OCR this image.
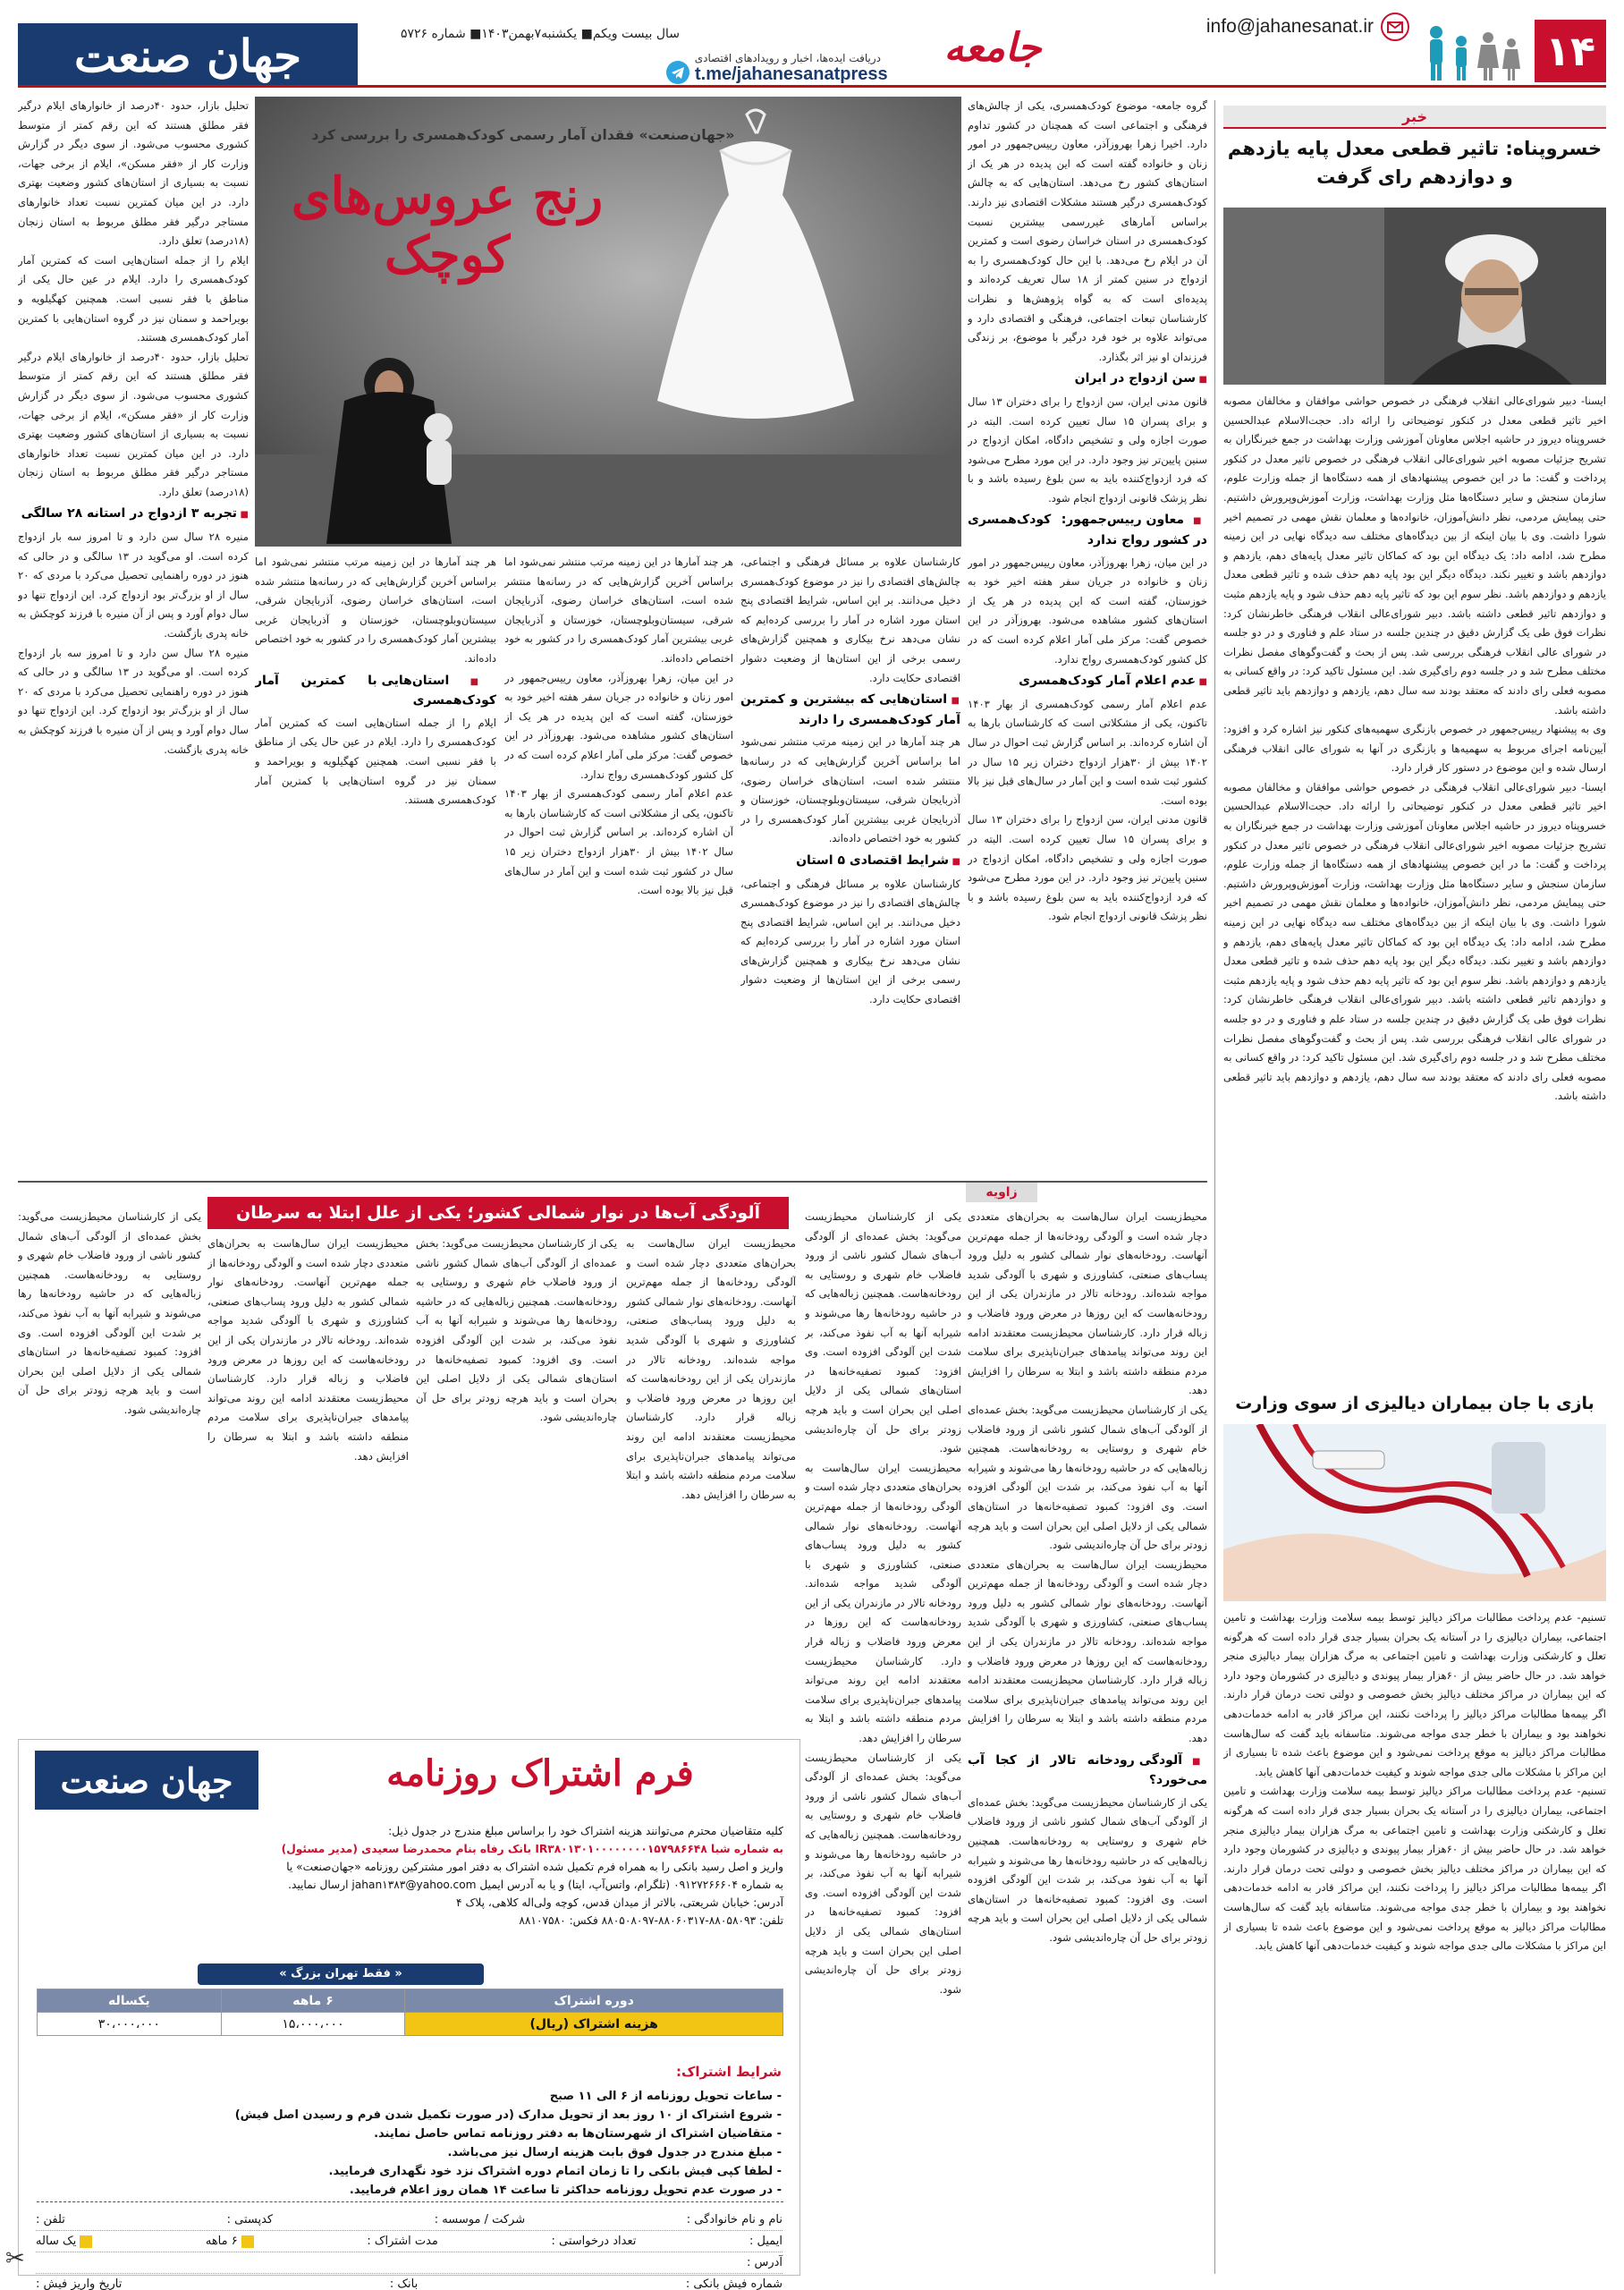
۱۴
info@jahanesanat.ir
جامعه
دریافت ایده‌ها، اخبار و رویدادهای اقتصادی
t.me/jahanesanatpress
سال بیست ویکم■ یکشنبه۷بهمن۱۴۰۳■ شماره ۵۷۲۶
جهان صنعت
خبر
خسروپناه: تاثیر قطعی معدل پایه یازدهم و دوازدهم رای گرفت

ایسنا- دبیر شورای‌عالی انقلاب فرهنگی در خصوص حواشی موافقان و مخالفان مصوبه اخیر تاثیر قطعی معدل در کنکور توضیحاتی را ارائه داد. حجت‌الاسلام عبدالحسین خسروپناه دیروز در حاشیه اجلاس معاونان آموزشی وزارت بهداشت در جمع خبرنگاران به تشریح جزئیات مصوبه اخیر شورای‌عالی انقلاب فرهنگی در خصوص تاثیر معدل در کنکور پرداخت و گفت: ما در این خصوص پیشنهادهای از همه دستگاه‌ها از جمله وزارت علوم، سازمان سنجش و سایر دستگاه‌ها مثل وزارت بهداشت، وزارت آموزش‌وپرورش داشتیم. حتی پیمایش مردمی، نظر دانش‌آموزان، خانواده‌ها و معلمان نقش مهمی در تصمیم اخیر شورا داشت. وی با بیان اینکه از بین دیدگاه‌های مختلف سه دیدگاه نهایی در این زمینه مطرح شد، ادامه داد: یک دیدگاه این بود که کماکان تاثیر معدل پایه‌های دهم، یازدهم و دوازدهم باشد و تغییر نکند. دیدگاه دیگر این بود پایه دهم حذف شده و تاثیر قطعی معدل یازدهم و دوازدهم باشد. نظر سوم این بود که تاثیر پایه دهم حذف شود و پایه یازدهم مثبت و دوازدهم تاثیر قطعی داشته باشد. دبیر شورای‌عالی انقلاب فرهنگی خاطرنشان کرد: نظرات فوق طی یک گزارش دقیق در چندین جلسه در ستاد علم و فناوری و در دو جلسه در شورای عالی انقلاب فرهنگی بررسی شد. پس از بحث و گفت‌وگوهای مفصل نظرات مختلف مطرح شد و در جلسه دوم رای‌گیری شد. این مسئول تاکید کرد: در واقع کسانی به مصوبه فعلی رای دادند که معتقد بودند سه سال دهم، یازدهم و دوازدهم باید تاثیر قطعی داشته باشد.

وی به پیشنهاد رییس‌جمهور در خصوص بازنگری سهمیه‌های کنکور نیز اشاره کرد و افزود: آیین‌نامه اجرای مربوط به سهمیه‌ها و بازنگری در آنها به شورای عالی انقلاب فرهنگی ارسال شده و این موضوع در دستور کار قرار دارد.

ایسنا- دبیر شورای‌عالی انقلاب فرهنگی در خصوص حواشی موافقان و مخالفان مصوبه اخیر تاثیر قطعی معدل در کنکور توضیحاتی را ارائه داد. حجت‌الاسلام عبدالحسین خسروپناه دیروز در حاشیه اجلاس معاونان آموزشی وزارت بهداشت در جمع خبرنگاران به تشریح جزئیات مصوبه اخیر شورای‌عالی انقلاب فرهنگی در خصوص تاثیر معدل در کنکور پرداخت و گفت: ما در این خصوص پیشنهادهای از همه دستگاه‌ها از جمله وزارت علوم، سازمان سنجش و سایر دستگاه‌ها مثل وزارت بهداشت، وزارت آموزش‌وپرورش داشتیم. حتی پیمایش مردمی، نظر دانش‌آموزان، خانواده‌ها و معلمان نقش مهمی در تصمیم اخیر شورا داشت. وی با بیان اینکه از بین دیدگاه‌های مختلف سه دیدگاه نهایی در این زمینه مطرح شد، ادامه داد: یک دیدگاه این بود که کماکان تاثیر معدل پایه‌های دهم، یازدهم و دوازدهم باشد و تغییر نکند. دیدگاه دیگر این بود پایه دهم حذف شده و تاثیر قطعی معدل یازدهم و دوازدهم باشد. نظر سوم این بود که تاثیر پایه دهم حذف شود و پایه یازدهم مثبت و دوازدهم تاثیر قطعی داشته باشد. دبیر شورای‌عالی انقلاب فرهنگی خاطرنشان کرد: نظرات فوق طی یک گزارش دقیق در چندین جلسه در ستاد علم و فناوری و در دو جلسه در شورای عالی انقلاب فرهنگی بررسی شد. پس از بحث و گفت‌وگوهای مفصل نظرات مختلف مطرح شد و در جلسه دوم رای‌گیری شد. این مسئول تاکید کرد: در واقع کسانی به مصوبه فعلی رای دادند که معتقد بودند سه سال دهم، یازدهم و دوازدهم باید تاثیر قطعی داشته باشد.

بازی با جان بیماران دیالیزی از سوی وزارت

تسنیم- عدم پرداخت مطالبات مراکز دیالیز توسط بیمه سلامت وزارت بهداشت و تامین اجتماعی، بیماران دیالیزی را در آستانه یک بحران بسیار جدی قرار داده است که هرگونه تعلل و کارشکنی وزارت بهداشت و تامین اجتماعی به مرگ هزاران بیمار دیالیزی منجر خواهد شد. در حال حاضر بیش از ۶۰هزار بیمار پیوندی و دیالیزی در کشورمان وجود دارد که این بیماران در مراکز مختلف دیالیز بخش خصوصی و دولتی تحت درمان قرار دارند. اگر بیمه‌ها مطالبات مراکز دیالیز را پرداخت نکنند، این مراکز قادر به ادامه خدمات‌دهی نخواهند بود و بیماران با خطر جدی مواجه می‌شوند. متاسفانه باید گفت که سال‌هاست مطالبات مراکز دیالیز به موقع پرداخت نمی‌شود و این موضوع باعث شده تا بسیاری از این مراکز با مشکلات مالی جدی مواجه شوند و کیفیت خدمات‌دهی آنها کاهش یابد.

تسنیم- عدم پرداخت مطالبات مراکز دیالیز توسط بیمه سلامت وزارت بهداشت و تامین اجتماعی، بیماران دیالیزی را در آستانه یک بحران بسیار جدی قرار داده است که هرگونه تعلل و کارشکنی وزارت بهداشت و تامین اجتماعی به مرگ هزاران بیمار دیالیزی منجر خواهد شد. در حال حاضر بیش از ۶۰هزار بیمار پیوندی و دیالیزی در کشورمان وجود دارد که این بیماران در مراکز مختلف دیالیز بخش خصوصی و دولتی تحت درمان قرار دارند. اگر بیمه‌ها مطالبات مراکز دیالیز را پرداخت نکنند، این مراکز قادر به ادامه خدمات‌دهی نخواهند بود و بیماران با خطر جدی مواجه می‌شوند. متاسفانه باید گفت که سال‌هاست مطالبات مراکز دیالیز به موقع پرداخت نمی‌شود و این موضوع باعث شده تا بسیاری از این مراکز با مشکلات مالی جدی مواجه شوند و کیفیت خدمات‌دهی آنها کاهش یابد.

«جهان‌صنعت» فقدان آمار رسمی کودک‌همسری را بررسی کرد
رنج عروس‌های کوچک

گروه جامعه- موضوع کودک‌همسری، یکی از چالش‌های فرهنگی و اجتماعی است که همچنان در کشور تداوم دارد. اخیرا زهرا بهروزآذر، معاون رییس‌جمهور در امور زنان و خانواده گفته است که این پدیده در هر یک از استان‌های کشور رخ می‌دهد. استان‌هایی که به چالش کودک‌همسری درگیر هستند مشکلات اقتصادی نیز دارند. براساس آمارهای غیررسمی بیشترین نسبت کودک‌همسری در استان خراسان رضوی است و کمترین آن در ایلام رخ می‌دهد. با این حال کودک‌همسری را به ازدواج در سنین کمتر از ۱۸ سال تعریف کرده‌اند و پدیده‌ای است که به گواه پژوهش‌ها و نظرات کارشناسان تبعات اجتماعی، فرهنگی و اقتصادی دارد و می‌تواند علاوه بر خود فرد درگیر با موضوع، بر زندگی فرزندان او نیز اثر بگذارد.

■ سن ازدواج در ایران

قانون مدنی ایران، سن ازدواج را برای دختران ۱۳ سال و برای پسران ۱۵ سال تعیین کرده است. البته در صورت اجازه ولی و تشخیص دادگاه، امکان ازدواج در سنین پایین‌تر نیز وجود دارد. در این مورد مطرح می‌شود که فرد ازدواج‌کننده باید به سن بلوغ رسیده باشد و با نظر پزشک قانونی ازدواج انجام شود.

■ معاون رییس‌جمهور: کودک‌همسری در کشور رواج ندارد

در این میان، زهرا بهروزآذر، معاون رییس‌جمهور در امور زنان و خانواده در جریان سفر هفته اخیر خود به خوزستان، گفته است که این پدیده در هر یک از استان‌های کشور مشاهده می‌شود. بهروزآذر در این خصوص گفت: مرکز ملی آمار اعلام کرده است که در کل کشور کودک‌همسری رواج ندارد.

■ عدم اعلام آمار کودک‌همسری

عدم اعلام آمار رسمی کودک‌همسری از بهار ۱۴۰۳ تاکنون، یکی از مشکلاتی است که کارشناسان بارها به آن اشاره کرده‌اند. بر اساس گزارش ثبت احوال در سال ۱۴۰۲ بیش از ۳۰هزار ازدواج دختران زیر ۱۵ سال در کشور ثبت شده است و این آمار در سال‌های قبل نیز بالا بوده است.

قانون مدنی ایران، سن ازدواج را برای دختران ۱۳ سال و برای پسران ۱۵ سال تعیین کرده است. البته در صورت اجازه ولی و تشخیص دادگاه، امکان ازدواج در سنین پایین‌تر نیز وجود دارد. در این مورد مطرح می‌شود که فرد ازدواج‌کننده باید به سن بلوغ رسیده باشد و با نظر پزشک قانونی ازدواج انجام شود.

کارشناسان علاوه بر مسائل فرهنگی و اجتماعی، چالش‌های اقتصادی را نیز در موضوع کودک‌همسری دخیل می‌دانند. بر این اساس، شرایط اقتصادی پنج استان مورد اشاره در آمار را بررسی کرده‌ایم که نشان می‌دهد نرخ بیکاری و همچنین گزارش‌های رسمی برخی از این استان‌ها از وضعیت دشوار اقتصادی حکایت دارد.

■ استان‌هایی که بیشترین و کمترین آمار کودک‌همسری را دارند

هر چند آمارها در این زمینه مرتب منتشر نمی‌شود اما براساس آخرین گزارش‌هایی که در رسانه‌ها منتشر شده است، استان‌های خراسان رضوی، آذربایجان شرقی، سیستان‌وبلوچستان، خوزستان و آذربایجان غربی بیشترین آمار کودک‌همسری را در کشور به خود اختصاص داده‌اند.

■ شرایط اقتصادی ۵ استان

کارشناسان علاوه بر مسائل فرهنگی و اجتماعی، چالش‌های اقتصادی را نیز در موضوع کودک‌همسری دخیل می‌دانند. بر این اساس، شرایط اقتصادی پنج استان مورد اشاره در آمار را بررسی کرده‌ایم که نشان می‌دهد نرخ بیکاری و همچنین گزارش‌های رسمی برخی از این استان‌ها از وضعیت دشوار اقتصادی حکایت دارد.

هر چند آمارها در این زمینه مرتب منتشر نمی‌شود اما براساس آخرین گزارش‌هایی که در رسانه‌ها منتشر شده است، استان‌های خراسان رضوی، آذربایجان شرقی، سیستان‌وبلوچستان، خوزستان و آذربایجان غربی بیشترین آمار کودک‌همسری را در کشور به خود اختصاص داده‌اند.

در این میان، زهرا بهروزآذر، معاون رییس‌جمهور در امور زنان و خانواده در جریان سفر هفته اخیر خود به خوزستان، گفته است که این پدیده در هر یک از استان‌های کشور مشاهده می‌شود. بهروزآذر در این خصوص گفت: مرکز ملی آمار اعلام کرده است که در کل کشور کودک‌همسری رواج ندارد.

عدم اعلام آمار رسمی کودک‌همسری از بهار ۱۴۰۳ تاکنون، یکی از مشکلاتی است که کارشناسان بارها به آن اشاره کرده‌اند. بر اساس گزارش ثبت احوال در سال ۱۴۰۲ بیش از ۳۰هزار ازدواج دختران زیر ۱۵ سال در کشور ثبت شده است و این آمار در سال‌های قبل نیز بالا بوده است.

هر چند آمارها در این زمینه مرتب منتشر نمی‌شود اما براساس آخرین گزارش‌هایی که در رسانه‌ها منتشر شده است، استان‌های خراسان رضوی، آذربایجان شرقی، سیستان‌وبلوچستان، خوزستان و آذربایجان غربی بیشترین آمار کودک‌همسری را در کشور به خود اختصاص داده‌اند.

■ استان‌هایی با کمترین آمار کودک‌همسری

ایلام را از جمله استان‌هایی است که کمترین آمار کودک‌همسری را دارد. ایلام در عین حال یکی از مناطق با فقر نسبی است. همچنین کهگیلویه و بویراحمد و سمنان نیز در گروه استان‌هایی با کمترین آمار کودک‌همسری هستند.

تحلیل بازار، حدود ۴۰درصد از خانوارهای ایلام درگیر فقر مطلق هستند که این رقم کمتر از متوسط کشوری محسوب می‌شود. از سوی دیگر در گزارش وزارت کار از «فقر مسکن»، ایلام از برخی جهات، نسبت به بسیاری از استان‌های کشور وضعیت بهتری دارد. در این میان کمترین نسبت تعداد خانوارهای مستاجر درگیر فقر مطلق مربوط به استان زنجان (۱۸درصد) تعلق دارد.

ایلام را از جمله استان‌هایی است که کمترین آمار کودک‌همسری را دارد. ایلام در عین حال یکی از مناطق با فقر نسبی است. همچنین کهگیلویه و بویراحمد و سمنان نیز در گروه استان‌هایی با کمترین آمار کودک‌همسری هستند.

تحلیل بازار، حدود ۴۰درصد از خانوارهای ایلام درگیر فقر مطلق هستند که این رقم کمتر از متوسط کشوری محسوب می‌شود. از سوی دیگر در گزارش وزارت کار از «فقر مسکن»، ایلام از برخی جهات، نسبت به بسیاری از استان‌های کشور وضعیت بهتری دارد. در این میان کمترین نسبت تعداد خانوارهای مستاجر درگیر فقر مطلق مربوط به استان زنجان (۱۸درصد) تعلق دارد.

■ تجربه ۳ ازدواج در استانه ۲۸ سالگی

منیره ۲۸ سال سن دارد و تا امروز سه بار ازدواج کرده است. او می‌گوید در ۱۳ سالگی و در حالی که هنوز در دوره راهنمایی تحصیل می‌کرد با مردی که ۲۰ سال از او بزرگ‌تر بود ازدواج کرد. این ازدواج تنها دو سال دوام آورد و پس از آن منیره با فرزند کوچکش به خانه پدری بازگشت.

منیره ۲۸ سال سن دارد و تا امروز سه بار ازدواج کرده است. او می‌گوید در ۱۳ سالگی و در حالی که هنوز در دوره راهنمایی تحصیل می‌کرد با مردی که ۲۰ سال از او بزرگ‌تر بود ازدواج کرد. این ازدواج تنها دو سال دوام آورد و پس از آن منیره با فرزند کوچکش به خانه پدری بازگشت.

زاویه
آلودگی آب‌ها در نوار شمالی کشور؛ یکی از علل ابتلا به سرطان	محیط‌زیست ایران سال‌هاست به بحران‌های متعددی دچار شده است و آلودگی رودخانه‌ها از جمله مهم‌ترین آنهاست. رودخانه‌های نوار شمالی کشور به دلیل ورود پساب‌های صنعتی، کشاورزی و شهری با آلودگی شدید مواجه شده‌اند. رودخانه تالار در مازندران یکی از این رودخانه‌هاست که این روزها در معرض ورود فاضلاب و زباله قرار دارد. کارشناسان محیط‌زیست معتقدند ادامه این روند می‌تواند پیامدهای جبران‌ناپذیری برای سلامت مردم منطقه داشته باشد و ابتلا به سرطان را افزایش دهد.

یکی از کارشناسان محیط‌زیست می‌گوید: بخش عمده‌ای از آلودگی آب‌های شمال کشور ناشی از ورود فاضلاب خام شهری و روستایی به رودخانه‌هاست. همچنین زباله‌هایی که در حاشیه رودخانه‌ها رها می‌شوند و شیرابه آنها به آب نفوذ می‌کند، بر شدت این آلودگی افزوده است. وی افزود: کمبود تصفیه‌خانه‌ها در استان‌های شمالی یکی از دلایل اصلی این بحران است و باید هرچه زودتر برای حل آن چاره‌اندیشی شود.

محیط‌زیست ایران سال‌هاست به بحران‌های متعددی دچار شده است و آلودگی رودخانه‌ها از جمله مهم‌ترین آنهاست. رودخانه‌های نوار شمالی کشور به دلیل ورود پساب‌های صنعتی، کشاورزی و شهری با آلودگی شدید مواجه شده‌اند. رودخانه تالار در مازندران یکی از این رودخانه‌هاست که این روزها در معرض ورود فاضلاب و زباله قرار دارد. کارشناسان محیط‌زیست معتقدند ادامه این روند می‌تواند پیامدهای جبران‌ناپذیری برای سلامت مردم منطقه داشته باشد و ابتلا به سرطان را افزایش دهد.

■ آلودگی رودخانه تالار از کجا آب می‌خورد؟

یکی از کارشناسان محیط‌زیست می‌گوید: بخش عمده‌ای از آلودگی آب‌های شمال کشور ناشی از ورود فاضلاب خام شهری و روستایی به رودخانه‌هاست. همچنین زباله‌هایی که در حاشیه رودخانه‌ها رها می‌شوند و شیرابه آنها به آب نفوذ می‌کند، بر شدت این آلودگی افزوده است. وی افزود: کمبود تصفیه‌خانه‌ها در استان‌های شمالی یکی از دلایل اصلی این بحران است و باید هرچه زودتر برای حل آن چاره‌اندیشی شود.

یکی از کارشناسان محیط‌زیست می‌گوید: بخش عمده‌ای از آلودگی آب‌های شمال کشور ناشی از ورود فاضلاب خام شهری و روستایی به رودخانه‌هاست. همچنین زباله‌هایی که در حاشیه رودخانه‌ها رها می‌شوند و شیرابه آنها به آب نفوذ می‌کند، بر شدت این آلودگی افزوده است. وی افزود: کمبود تصفیه‌خانه‌ها در استان‌های شمالی یکی از دلایل اصلی این بحران است و باید هرچه زودتر برای حل آن چاره‌اندیشی شود.

محیط‌زیست ایران سال‌هاست به بحران‌های متعددی دچار شده است و آلودگی رودخانه‌ها از جمله مهم‌ترین آنهاست. رودخانه‌های نوار شمالی کشور به دلیل ورود پساب‌های صنعتی، کشاورزی و شهری با آلودگی شدید مواجه شده‌اند. رودخانه تالار در مازندران یکی از این رودخانه‌هاست که این روزها در معرض ورود فاضلاب و زباله قرار دارد. کارشناسان محیط‌زیست معتقدند ادامه این روند می‌تواند پیامدهای جبران‌ناپذیری برای سلامت مردم منطقه داشته باشد و ابتلا به سرطان را افزایش دهد.

یکی از کارشناسان محیط‌زیست می‌گوید: بخش عمده‌ای از آلودگی آب‌های شمال کشور ناشی از ورود فاضلاب خام شهری و روستایی به رودخانه‌هاست. همچنین زباله‌هایی که در حاشیه رودخانه‌ها رها می‌شوند و شیرابه آنها به آب نفوذ می‌کند، بر شدت این آلودگی افزوده است. وی افزود: کمبود تصفیه‌خانه‌ها در استان‌های شمالی یکی از دلایل اصلی این بحران است و باید هرچه زودتر برای حل آن چاره‌اندیشی شود.

محیط‌زیست ایران سال‌هاست به بحران‌های متعددی دچار شده است و آلودگی رودخانه‌ها از جمله مهم‌ترین آنهاست. رودخانه‌های نوار شمالی کشور به دلیل ورود پساب‌های صنعتی، کشاورزی و شهری با آلودگی شدید مواجه شده‌اند. رودخانه تالار در مازندران یکی از این رودخانه‌هاست که این روزها در معرض ورود فاضلاب و زباله قرار دارد. کارشناسان محیط‌زیست معتقدند ادامه این روند می‌تواند پیامدهای جبران‌ناپذیری برای سلامت مردم منطقه داشته باشد و ابتلا به سرطان را افزایش دهد.

یکی از کارشناسان محیط‌زیست می‌گوید: بخش عمده‌ای از آلودگی آب‌های شمال کشور ناشی از ورود فاضلاب خام شهری و روستایی به رودخانه‌هاست. همچنین زباله‌هایی که در حاشیه رودخانه‌ها رها می‌شوند و شیرابه آنها به آب نفوذ می‌کند، بر شدت این آلودگی افزوده است. وی افزود: کمبود تصفیه‌خانه‌ها در استان‌های شمالی یکی از دلایل اصلی این بحران است و باید هرچه زودتر برای حل آن چاره‌اندیشی شود.

محیط‌زیست ایران سال‌هاست به بحران‌های متعددی دچار شده است و آلودگی رودخانه‌ها از جمله مهم‌ترین آنهاست. رودخانه‌های نوار شمالی کشور به دلیل ورود پساب‌های صنعتی، کشاورزی و شهری با آلودگی شدید مواجه شده‌اند. رودخانه تالار در مازندران یکی از این رودخانه‌هاست که این روزها در معرض ورود فاضلاب و زباله قرار دارد. کارشناسان محیط‌زیست معتقدند ادامه این روند می‌تواند پیامدهای جبران‌ناپذیری برای سلامت مردم منطقه داشته باشد و ابتلا به سرطان را افزایش دهد.

یکی از کارشناسان محیط‌زیست می‌گوید: بخش عمده‌ای از آلودگی آب‌های شمال کشور ناشی از ورود فاضلاب خام شهری و روستایی به رودخانه‌هاست. همچنین زباله‌هایی که در حاشیه رودخانه‌ها رها می‌شوند و شیرابه آنها به آب نفوذ می‌کند، بر شدت این آلودگی افزوده است. وی افزود: کمبود تصفیه‌خانه‌ها در استان‌های شمالی یکی از دلایل اصلی این بحران است و باید هرچه زودتر برای حل آن چاره‌اندیشی شود.

جهان صنعت	فرم اشتراک روزنامه
کلیه متقاضیان محترم می‌توانند هزینه اشتراک خود را براساس مبلغ مندرج در جدول ذیل:
به شماره شبا IR۳۸۰۱۳۰۱۰۰۰۰۰۰۰۰۱۵۷۹۸۶۶۴۸ بانک رفاه بنام محمدرضا سعیدی (مدیر مسئول)
واریز و اصل رسید بانکی را به همراه فرم تکمیل شده اشتراک به دفتر امور مشترکین روزنامه «جهان‌صنعت» یا
به شماره ۰۹۱۲۷۲۶۶۶۰۴ (تلگرام، واتس‌آپ، ایتا) و یا به آدرس ایمیل jahan۱۳۸۳@yahoo.com ارسال نمایید.
آدرس: خیابان شریعتی، بالاتر از میدان قدس، کوچه ولی‌اله کلاهی، پلاک ۴
تلفن: ۸۸۰۵۸۰۹۳-۸۸۰۶۰۳۱۷-۸۸۰۵۰۸۰۹۷ فکس: ۸۸۱۰۷۵۸۰
« فقط تهران بزرگ »
دوره اشتراک	۶ ماهه	یکساله
هزینه اشتراک (ریال)	۱۵،۰۰۰،۰۰۰	۳۰،۰۰۰،۰۰۰
شرایط اشتراک:
- ساعات تحویل روزنامه از ۶ الی ۱۱ صبح
- شروع اشتراک از ۱۰ روز بعد از تحویل مدارک (در صورت تکمیل شدن فرم و رسیدن اصل فیش)
- متقاضیان اشتراک از شهرستان‌ها به دفتر روزنامه تماس حاصل نمایند.
- مبلغ مندرج در جدول فوق بابت هزینه ارسال نیز می‌باشد.
- لطفا کپی فیش بانکی را تا زمان اتمام دوره اشتراک نزد خود نگهداری فرمایید.
- در صورت عدم تحویل روزنامه حداکثر تا ساعت ۱۴ همان روز اعلام فرمایید.
نام و نام خانوادگی :
شرکت / موسسه :
کدپستی :
تلفن :
ایمیل :
تعداد درخواستی :
مدت اشتراک :
۶ ماهه
یک ساله
آدرس :
شماره فیش بانکی :
بانک :
تاریخ واریز فیش :
✂
